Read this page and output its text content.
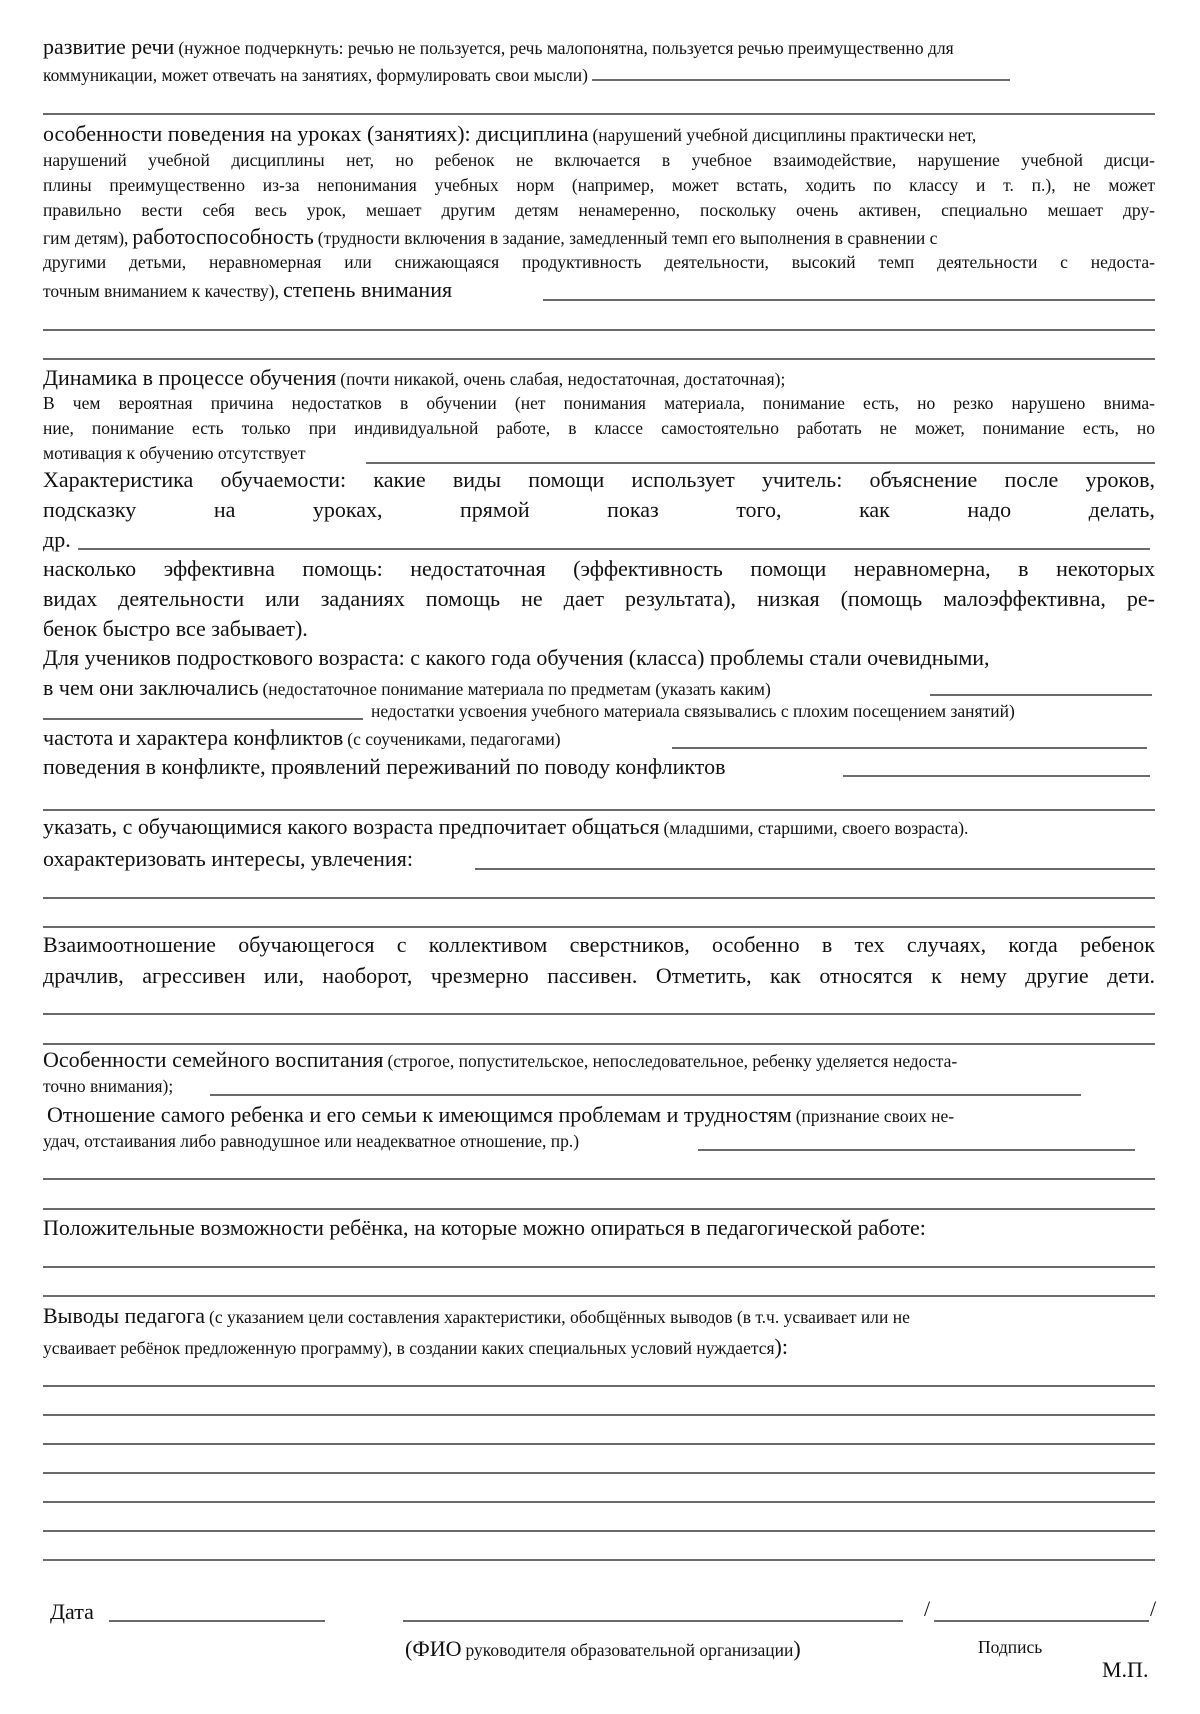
развитие речи (нужное подчеркнуть: речью не пользуется, речь малопонятна, пользуется речью преимущественно для
коммуникации, может отвечать на занятиях, формулировать свои мысли)
особенности поведения на уроках (занятиях): дисциплина (нарушений учебной дисциплины практически нет,
нарушений учебной дисциплины нет, но ребенок не включается в учебное взаимодействие, нарушение учебной дисци-
плины преимущественно из-за непонимания учебных норм (например, может встать, ходить по классу и т. п.), не может
правильно вести себя весь урок, мешает другим детям ненамеренно, поскольку очень активен, специально мешает дру-
гим детям), работоспособность (трудности включения в задание, замедленный темп его выполнения в сравнении с
другими детьми, неравномерная или снижающаяся продуктивность деятельности, высокий темп деятельности с недоста-
точным вниманием к качеству), степень внимания
Динамика в процессе обучения (почти никакой, очень слабая, недостаточная, достаточная);
В чем вероятная причина недостатков в обучении (нет понимания материала, понимание есть, но резко нарушено внима-
ние, понимание есть только при индивидуальной работе, в классе самостоятельно работать не может, понимание есть, но
мотивация к обучению отсутствует
Характеристика обучаемости: какие виды помощи использует учитель: объяснение после уроков,
подсказку	на	уроках,	прямой	показ	того,	как	надо	делать,
др.
насколько эффективна помощь: недостаточная (эффективность помощи неравномерна, в некоторых
видах деятельности или заданиях помощь не дает результата), низкая (помощь малоэффективна, ре-
бенок быстро все забывает).
Для учеников подросткового возраста: с какого года обучения (класса) проблемы стали очевидными,
в чем они заключались (недостаточное понимание материала по предметам (указать каким)
недостатки усвоения учебного материала связывались с плохим посещением занятий)
частота и характера конфликтов (с соучениками, педагогами)
поведения в конфликте, проявлений переживаний по поводу конфликтов
указать, с обучающимися какого возраста предпочитает общаться (младшими, старшими, своего возраста).
охарактеризовать интересы, увлечения:
Взаимоотношение обучающегося с коллективом сверстников, особенно в тех случаях, когда ребенок
драчлив, агрессивен или, наоборот, чрезмерно пассивен. Отметить, как относятся к нему другие дети.
Особенности семейного воспитания (строгое, попустительское, непоследовательное, ребенку уделяется недоста-
точно внимания);
Отношение самого ребенка и его семьи к имеющимся проблемам и трудностям (признание своих не-
удач, отстаивания либо равнодушное или неадекватное отношение, пр.)
Положительные возможности ребёнка, на которые можно опираться в педагогической работе:
Выводы педагога (с указанием цели составления характеристики, обобщённых выводов (в т.ч. усваивает или не
усваивает ребёнок предложенную программу), в создании каких специальных условий нуждается):
Дата
(ФИО руководителя образовательной организации)
/	/
Подпись
М.П.
